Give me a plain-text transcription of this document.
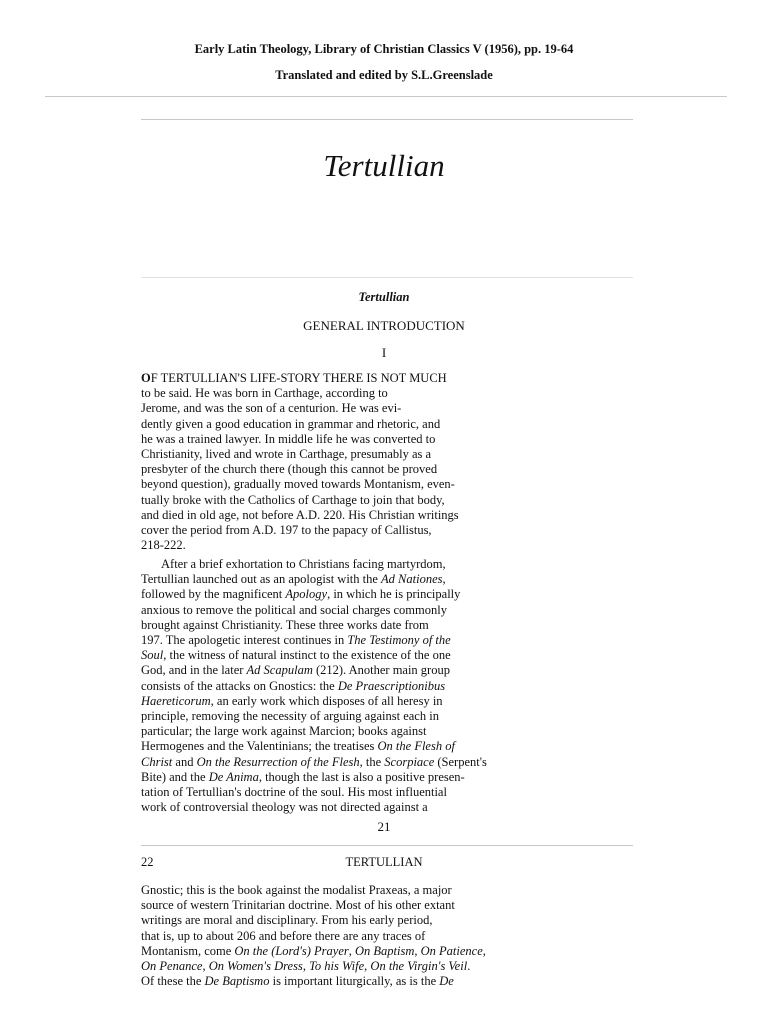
Early Latin Theology, Library of Christian Classics V (1956), pp. 19-64
Translated and edited by S.L.Greenslade
Tertullian
Tertullian
GENERAL INTRODUCTION
I
OF TERTULLIAN'S LIFE-STORY THERE IS NOT MUCH
to be said. He was born in Carthage, according to
Jerome, and was the son of a centurion. He was evi-
dently given a good education in grammar and rhetoric, and
he was a trained lawyer. In middle life he was converted to
Christianity, lived and wrote in Carthage, presumably as a
presbyter of the church there (though this cannot be proved
beyond question), gradually moved towards Montanism, even-
tually broke with the Catholics of Carthage to join that body,
and died in old age, not before A.D. 220. His Christian writings
cover the period from A.D. 197 to the papacy of Callistus,
218-222.
After a brief exhortation to Christians facing martyrdom,
Tertullian launched out as an apologist with the Ad Nationes,
followed by the magnificent Apology, in which he is principally
anxious to remove the political and social charges commonly
brought against Christianity. These three works date from
197. The apologetic interest continues in The Testimony of the
Soul, the witness of natural instinct to the existence of the one
God, and in the later Ad Scapulam (212). Another main group
consists of the attacks on Gnostics: the De Praescriptionibus
Haereticorum, an early work which disposes of all heresy in
principle, removing the necessity of arguing against each in
particular; the large work against Marcion; books against
Hermogenes and the Valentinians; the treatises On the Flesh of
Christ and On the Resurrection of the Flesh, the Scorpiace (Serpent's
Bite) and the De Anima, though the last is also a positive presen-
tation of Tertullian's doctrine of the soul. His most influential
work of controversial theology was not directed against a
21
22	TERTULLIAN
Gnostic; this is the book against the modalist Praxeas, a major
source of western Trinitarian doctrine. Most of his other extant
writings are moral and disciplinary. From his early period,
that is, up to about 206 and before there are any traces of
Montanism, come On the (Lord's) Prayer, On Baptism, On Patience,
On Penance, On Women's Dress, To his Wife, On the Virgin's Veil.
Of these the De Baptismo is important liturgically, as is the De
